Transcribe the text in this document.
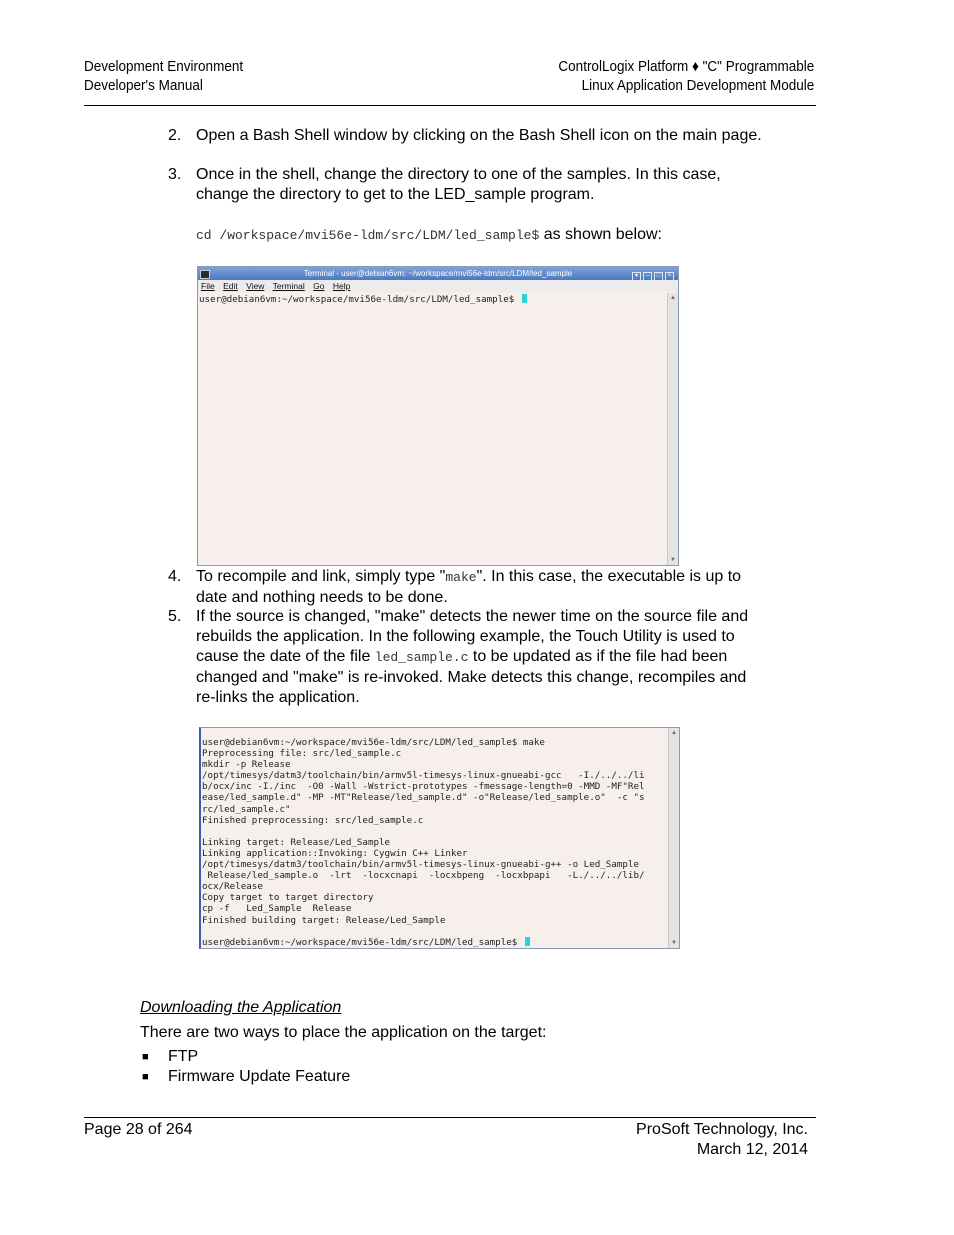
Development Environment
Developer's Manual
ControlLogix Platform ♦ "C" Programmable
Linux Application Development Module
2. Open a Bash Shell window by clicking on the Bash Shell icon on the main page.
3. Once in the shell, change the directory to one of the samples. In this case, change the directory to get to the LED_sample program.
cd /workspace/mvi56e-ldm/src/LDM/led_sample$ as shown below:
Terminal - user@debian6vm: ~/workspace/mvi56e-ldm/src/LDM/led_sample	▾ – □ ×
File Edit View Terminal Go Help
user@debian6vm:~/workspace/mvi56e-ldm/src/LDM/led_sample$	▲
▼
4. To recompile and link, simply type "make". In this case, the executable is up to date and nothing needs to be done.
5. If the source is changed, "make" detects the newer time on the source file and rebuilds the application. In the following example, the Touch Utility is used to cause the date of the file led_sample.c to be updated as if the file had been changed and "make" is re-invoked. Make detects this change, recompiles and re-links the application.
user@debian6vm:~/workspace/mvi56e-ldm/src/LDM/led_sample$ make
Preprocessing file: src/led_sample.c
mkdir -p Release
/opt/timesys/datm3/toolchain/bin/armv5l-timesys-linux-gnueabi-gcc   -I./../../li
b/ocx/inc -I./inc  -O0 -Wall -Wstrict-prototypes -fmessage-length=0 -MMD -MF"Rel
ease/led_sample.d" -MP -MT"Release/led_sample.d" -o"Release/led_sample.o"  -c "s
rc/led_sample.c"
Finished preprocessing: src/led_sample.c
Linking target: Release/Led_Sample
Linking application::Invoking: Cygwin C++ Linker
/opt/timesys/datm3/toolchain/bin/armv5l-timesys-linux-gnueabi-g++ -o Led_Sample
Release/led_sample.o  -lrt  -locxcnapi  -locxbpeng  -locxbpapi   -L./../../lib/
ocx/Release
Copy target to target directory
cp -f   Led_Sample  Release
Finished building target: Release/Led_Sample
user@debian6vm:~/workspace/mvi56e-ldm/src/LDM/led_sample$
▲
▼
Downloading the Application
There are two ways to place the application on the target:
■ FTP
■ Firmware Update Feature
Page 28 of 264	ProSoft Technology, Inc.
March 12, 2014
